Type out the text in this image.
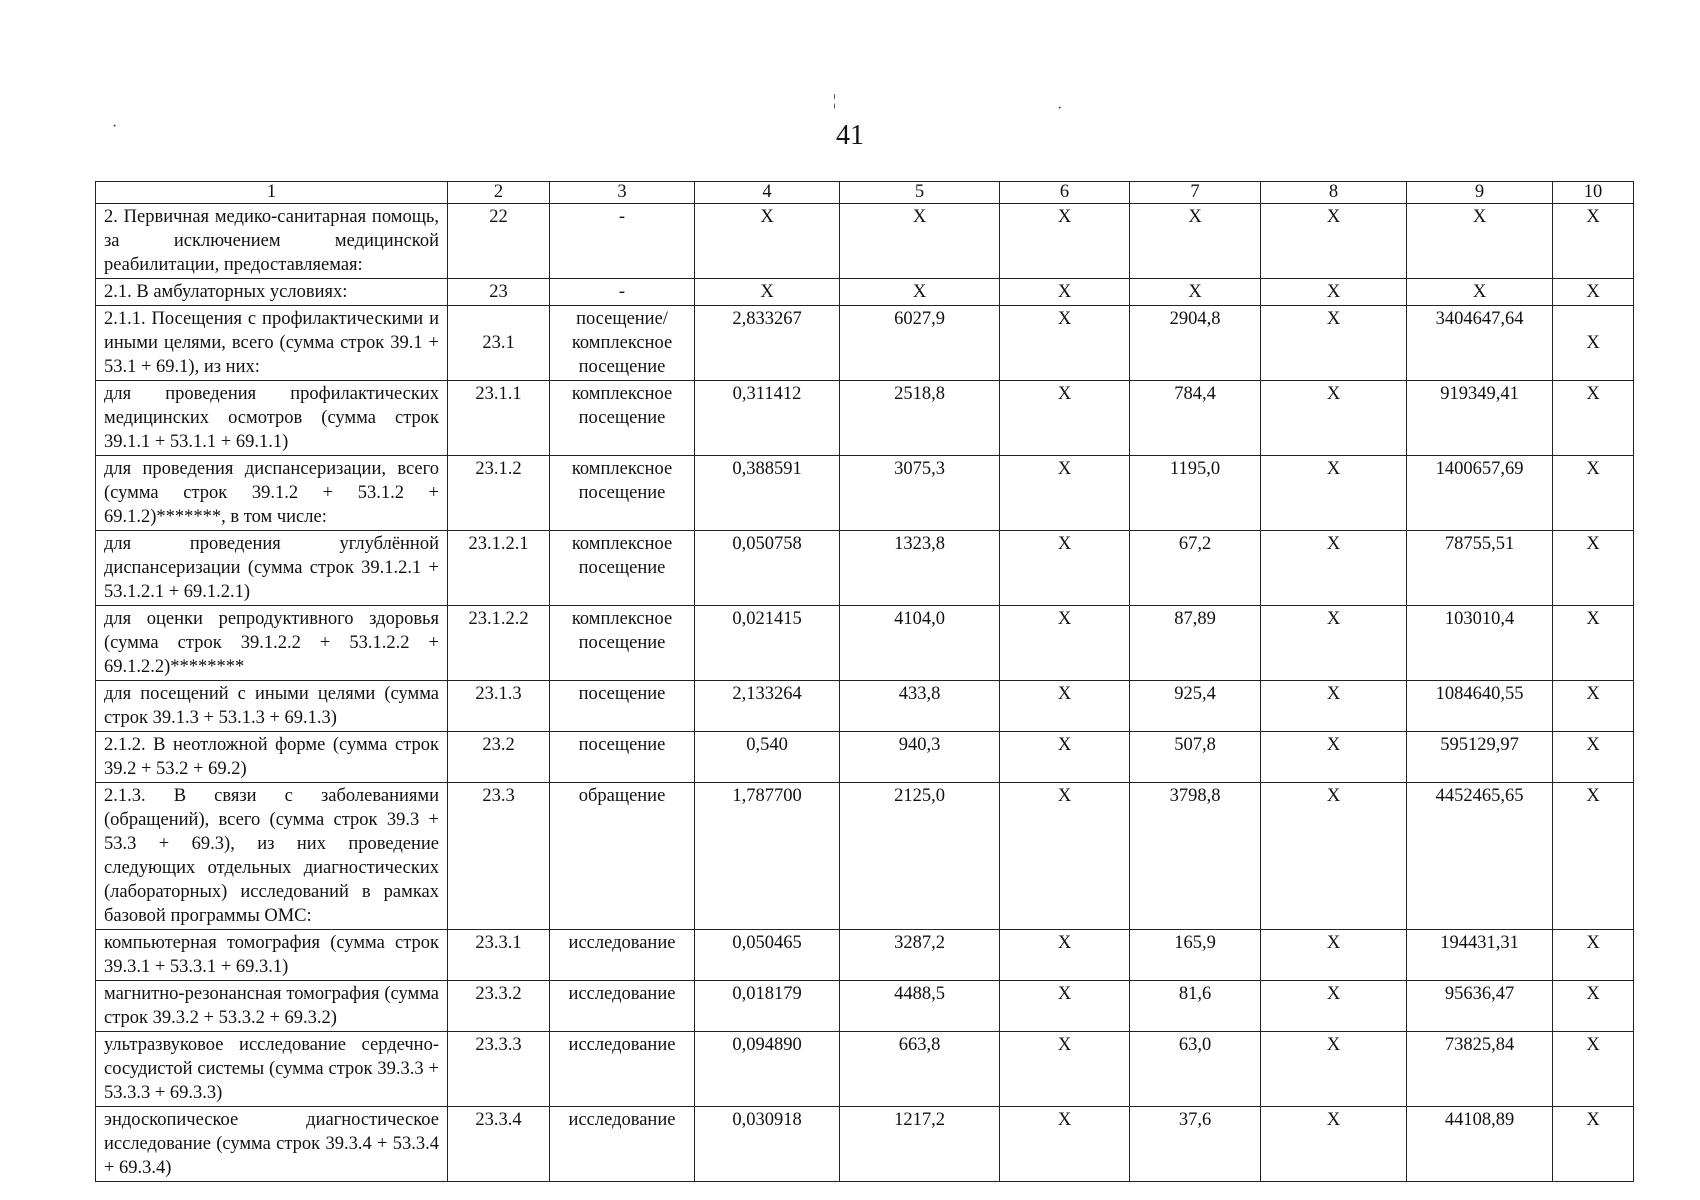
41
¦	·
·
1	2	3	4	5	6	7	8	9	10
2. Первичная медико-санитарная помощь, за исключением медицинской реабилитации, предоставляемая:	22	-	X	X	X	X	X	X	X
2.1. В амбулаторных условиях:	23	-	X	X	X	X	X	X	X
2.1.1. Посещения с профилактическими и иными целями, всего (сумма строк 39.1 + 53.1 + 69.1), из них:	23.1	посещение/ комплексное посещение	2,833267	6027,9	X	2904,8	X	3404647,64	X
для проведения профилактических медицинских осмотров (сумма строк 39.1.1 + 53.1.1 + 69.1.1)	23.1.1	комплексное посещение	0,311412	2518,8	X	784,4	X	919349,41	X
для проведения диспансеризации, всего (сумма строк 39.1.2 + 53.1.2 + 69.1.2)*******, в том числе:	23.1.2	комплексное посещение	0,388591	3075,3	X	1195,0	X	1400657,69	X
для проведения углублённой диспансеризации (сумма строк 39.1.2.1 + 53.1.2.1 + 69.1.2.1)	23.1.2.1	комплексное посещение	0,050758	1323,8	X	67,2	X	78755,51	X
для оценки репродуктивного здоровья (сумма строк 39.1.2.2 + 53.1.2.2 + 69.1.2.2)********	23.1.2.2	комплексное посещение	0,021415	4104,0	X	87,89	X	103010,4	X
для посещений с иными целями (сумма строк 39.1.3 + 53.1.3 + 69.1.3)	23.1.3	посещение	2,133264	433,8	X	925,4	X	1084640,55	X
2.1.2. В неотложной форме (сумма строк 39.2 + 53.2 + 69.2)	23.2	посещение	0,540	940,3	X	507,8	X	595129,97	X
2.1.3. В связи с заболеваниями (обращений), всего (сумма строк 39.3 + 53.3 + 69.3), из них проведение следующих отдельных диагностических (лабораторных) исследований в рамках базовой программы ОМС:	23.3	обращение	1,787700	2125,0	X	3798,8	X	4452465,65	X
компьютерная томография (сумма строк 39.3.1 + 53.3.1 + 69.3.1)	23.3.1	исследование	0,050465	3287,2	X	165,9	X	194431,31	X
магнитно-резонансная томография (сумма строк 39.3.2 + 53.3.2 + 69.3.2)	23.3.2	исследование	0,018179	4488,5	X	81,6	X	95636,47	X
ультразвуковое исследование сердечно-сосудистой системы (сумма строк 39.3.3 + 53.3.3 + 69.3.3)	23.3.3	исследование	0,094890	663,8	X	63,0	X	73825,84	X
эндоскопическое диагностическое исследование (сумма строк 39.3.4 + 53.3.4 + 69.3.4)	23.3.4	исследование	0,030918	1217,2	X	37,6	X	44108,89	X
